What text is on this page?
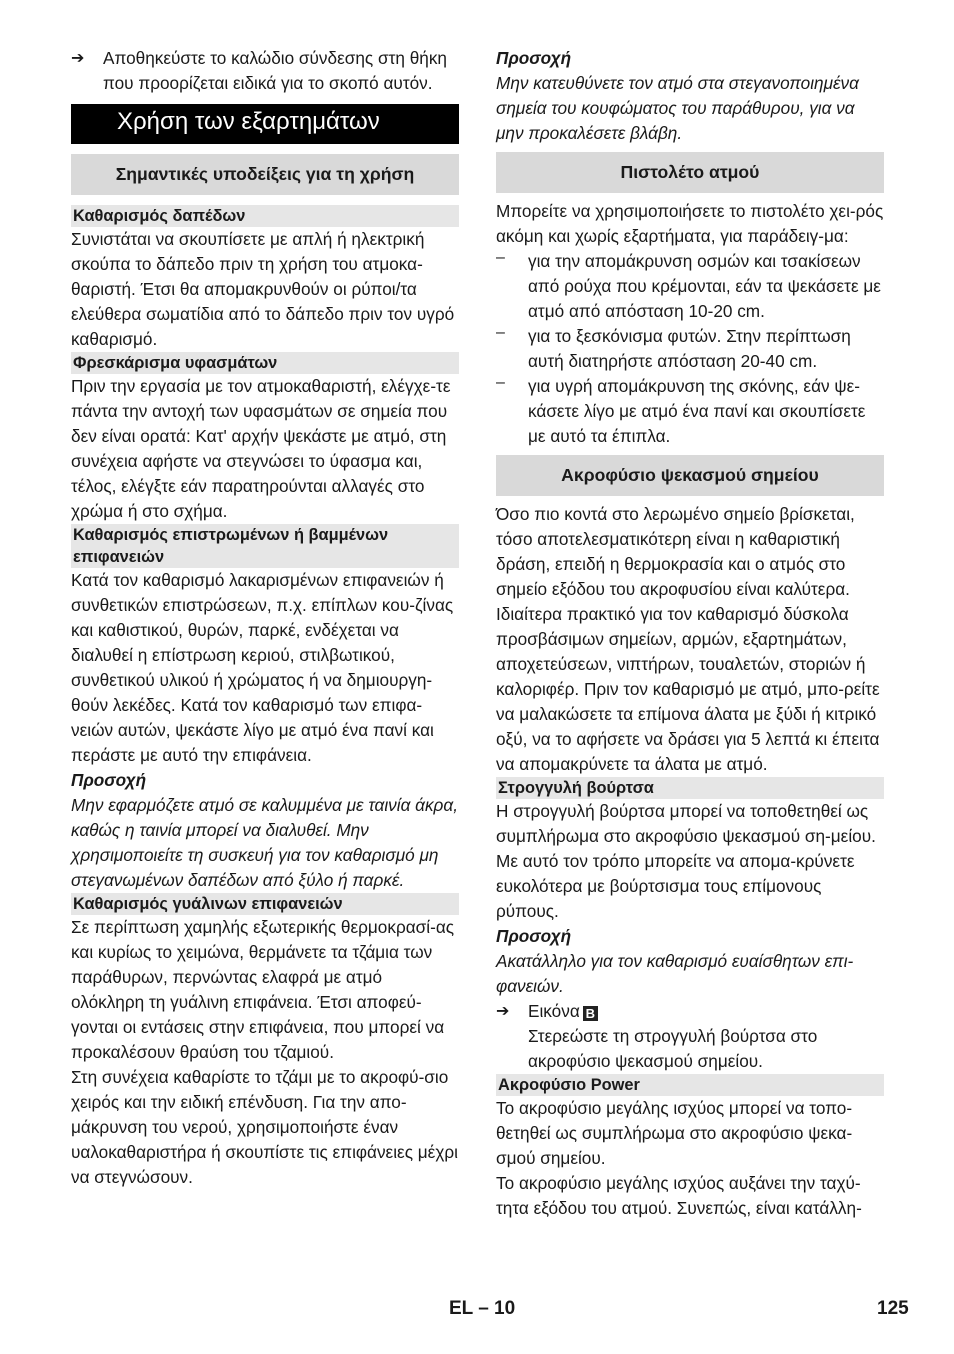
➔	Αποθηκεύστε το καλώδιο σύνδεσης στη θήκη που προορίζεται ειδικά για το σκοπό αυτόν.

Χρήση των εξαρτημάτων
Σημαντικές υποδείξεις για τη χρήση
Καθαρισμός δαπέδων

Συνιστάται να σκουπίσετε με απλή ή ηλεκτρική σκούπα το δάπεδο πριν τη χρήση του ατμοκα-θαριστή. Έτσι θα απομακρυνθούν οι ρύποι/τα ελεύθερα σωματίδια από το δάπεδο πριν τον υγρό καθαρισμό.

Φρεσκάρισμα υφασμάτων

Πριν την εργασία με τον ατμοκαθαριστή, ελέγχε-τε πάντα την αντοχή των υφασμάτων σε σημεία που δεν είναι ορατά: Κατ' αρχήν ψεκάστε με ατμό, στη συνέχεια αφήστε να στεγνώσει το ύφασμα και, τέλος, ελέγξτε εάν παρατηρούνται αλλαγές στο χρώμα ή στο σχήμα.

Καθαρισμός επιστρωμένων ή βαμμένων επιφανειών

Κατά τον καθαρισμό λακαρισμένων επιφανειών ή συνθετικών επιστρώσεων, π.χ. επίπλων κου-ζίνας και καθιστικού, θυρών, παρκέ, ενδέχεται να διαλυθεί η επίστρωση κεριού, στιλβωτικού, συνθετικού υλικού ή χρώματος ή να δημιουργη-θούν λεκέδες. Κατά τον καθαρισμό των επιφα-νειών αυτών, ψεκάστε λίγο με ατμό ένα πανί και περάστε με αυτό την επιφάνεια.

Προσοχή

Μην εφαρμόζετε ατμό σε καλυμμένα με ταινία άκρα, καθώς η ταινία μπορεί να διαλυθεί. Μην χρησιμοποιείτε τη συσκευή για τον καθαρισμό μη στεγανωμένων δαπέδων από ξύλο ή παρκέ.

Καθαρισμός γυάλινων επιφανειών

Σε περίπτωση χαμηλής εξωτερικής θερμοκρασί-ας και κυρίως το χειμώνα, θερμάνετε τα τζάμια των παράθυρων, περνώντας ελαφρά με ατμό ολόκληρη τη γυάλινη επιφάνεια. Έτσι αποφεύ-γονται οι εντάσεις στην επιφάνεια, που μπορεί να προκαλέσουν θραύση του τζαμιού.

Στη συνέχεια καθαρίστε το τζάμι με το ακροφύ-σιο χειρός και την ειδική επένδυση. Για την απο-μάκρυνση του νερού, χρησιμοποιήστε έναν υαλοκαθαριστήρα ή σκουπίστε τις επιφάνειες μέχρι να στεγνώσουν.

Προσοχή

Μην κατευθύνετε τον ατμό στα στεγανοποιημένα σημεία του κουφώματος του παράθυρου, για να μην προκαλέσετε βλάβη.

Πιστολέτο ατμού

Μπορείτε να χρησιμοποιήσετε το πιστολέτο χει-ρός ακόμη και χωρίς εξαρτήματα, για παράδειγ-μα:

–	για την απομάκρυνση οσμών και τσακίσεων από ρούχα που κρέμονται, εάν τα ψεκάσετε με ατμό από απόσταση 10-20 cm.

–	για το ξεσκόνισμα φυτών. Στην περίπτωση αυτή διατηρήστε απόσταση 20-40 cm.

–	για υγρή απομάκρυνση της σκόνης, εάν ψε-κάσετε λίγο με ατμό ένα πανί και σκουπίσετε με αυτό τα έπιπλα.

Ακροφύσιο ψεκασμού σημείου

Όσο πιο κοντά στο λερωμένο σημείο βρίσκεται, τόσο αποτελεσματικότερη είναι η καθαριστική δράση, επειδή η θερμοκρασία και ο ατμός στο σημείο εξόδου του ακροφυσίου είναι καλύτερα. Ιδιαίτερα πρακτικό για τον καθαρισμό δύσκολα προσβάσιμων σημείων, αρμών, εξαρτημάτων, αποχετεύσεων, νιπτήρων, τουαλετών, στοριών ή καλοριφέρ. Πριν τον καθαρισμό με ατμό, μπο-ρείτε να μαλακώσετε τα επίμονα άλατα με ξύδι ή κιτρικό οξύ, να το αφήσετε να δράσει για 5 λεπτά κι έπειτα να απομακρύνετε τα άλατα με ατμό.

Στρογγυλή βούρτσα

Η στρογγυλή βούρτσα μπορεί να τοποθετηθεί ως συμπλήρωμα στο ακροφύσιο ψεκασμού ση-μείου. Με αυτό τον τρόπο μπορείτε να απομα-κρύνετε ευκολότερα με βούρτσισμα τους επίμονους ρύπους.

Προσοχή

Ακατάλληλο για τον καθαρισμό ευαίσθητων επι-φανειών.

➔	Εικόνα B

Στερεώστε τη στρογγυλή βούρτσα στο ακροφύσιο ψεκασμού σημείου.

Ακροφύσιο Power

Το ακροφύσιο μεγάλης ισχύος μπορεί να τοπο-θετηθεί ως συμπλήρωμα στο ακροφύσιο ψεκα-σμού σημείου.

Το ακροφύσιο μεγάλης ισχύος αυξάνει την ταχύ-τητα εξόδου του ατμού. Συνεπώς, είναι κατάλλη-

EL – 10	125
